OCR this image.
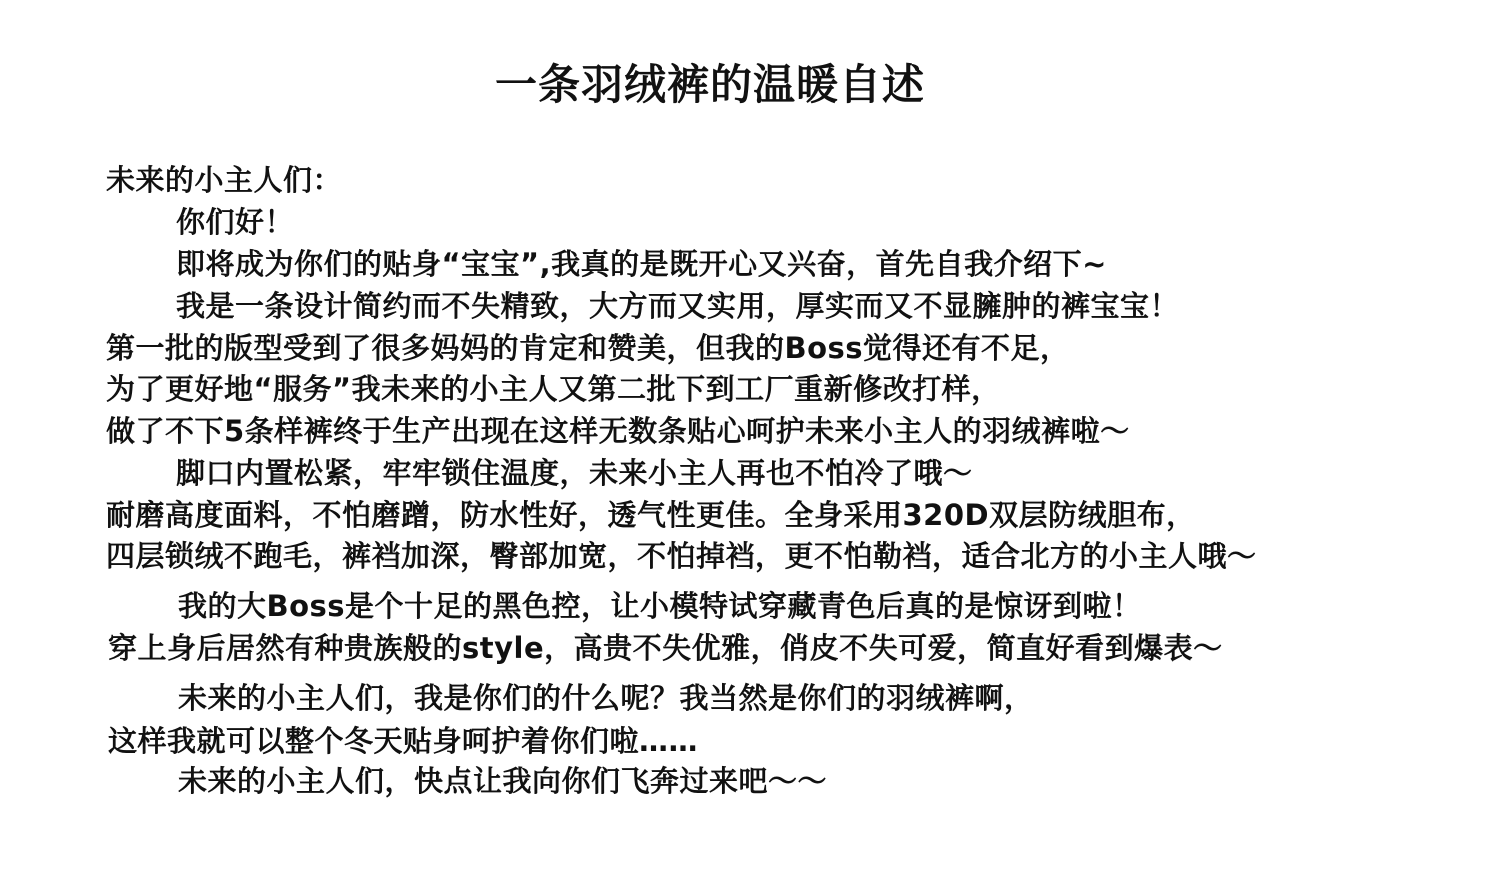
一条羽绒裤的温暖自述
未来的小主人们：
你们好！
即将成为你们的贴身“宝宝”,我真的是既开心又兴奋，首先自我介绍下~
我是一条设计简约而不失精致，大方而又实用，厚实而又不显臃肿的裤宝宝！
第一批的版型受到了很多妈妈的肯定和赞美，但我的Boss觉得还有不足，
为了更好地“服务”我未来的小主人又第二批下到工厂重新修改打样，
做了不下5条样裤终于生产出现在这样无数条贴心呵护未来小主人的羽绒裤啦～
脚口内置松紧，牢牢锁住温度，未来小主人再也不怕冷了哦～
耐磨高度面料，不怕磨蹭，防水性好，透气性更佳。全身采用320D双层防绒胆布，
四层锁绒不跑毛，裤裆加深，臀部加宽，不怕掉裆，更不怕勒裆，适合北方的小主人哦～
我的大Boss是个十足的黑色控，让小模特试穿藏青色后真的是惊讶到啦！
穿上身后居然有种贵族般的style，高贵不失优雅，俏皮不失可爱，简直好看到爆表～
未来的小主人们，我是你们的什么呢？我当然是你们的羽绒裤啊，
这样我就可以整个冬天贴身呵护着你们啦……
未来的小主人们，快点让我向你们飞奔过来吧～～
